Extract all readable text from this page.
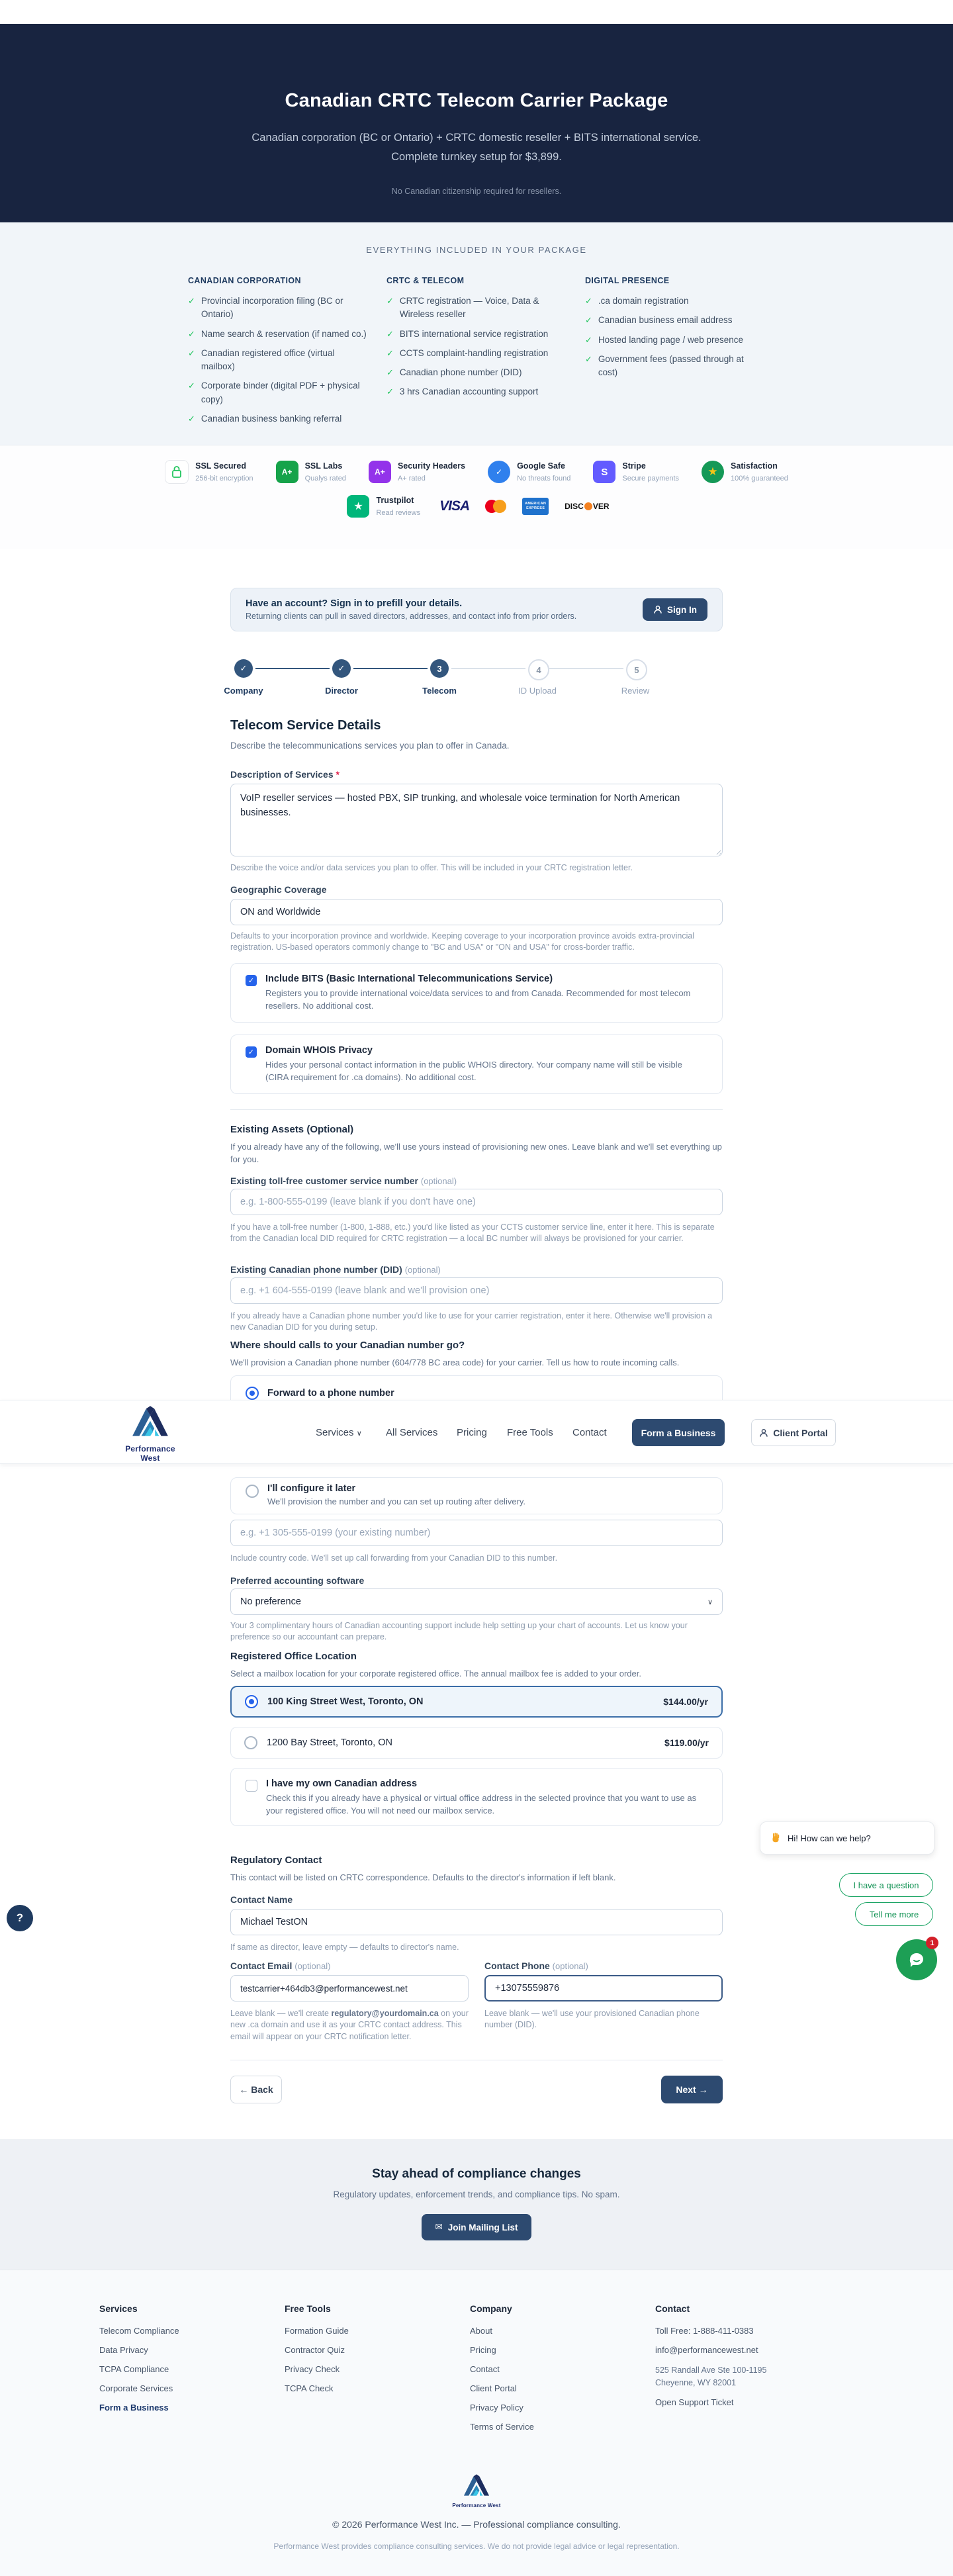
Canadian CRTC Telecom Carrier Package
Canadian corporation (BC or Ontario) + CRTC domestic reseller + BITS international service. Complete turnkey setup for $3,899.
No Canadian citizenship required for resellers.
EVERYTHING INCLUDED IN YOUR PACKAGE
CANADIAN CORPORATION
✓ Provincial incorporation filing (BC or Ontario)
✓ Name search & reservation (if named co.)
✓ Canadian registered office (virtual mailbox)
✓ Corporate binder (digital PDF + physical copy)
✓ Canadian business banking referral
CRTC & TELECOM
✓ CRTC registration — Voice, Data & Wireless reseller
✓ BITS international service registration
✓ CCTS complaint-handling registration
✓ Canadian phone number (DID)
✓ 3 hrs Canadian accounting support
DIGITAL PRESENCE
✓ .ca domain registration
✓ Canadian business email address
✓ Hosted landing page / web presence
✓ Government fees (passed through at cost)
SSL Secured
256-bit encryption
A+
SSL Labs
Qualys rated
A+
Security Headers
A+ rated
✓
Google Safe
No threats found
S
Stripe
Secure payments
★	Satisfaction
100% guaranteed
★
Trustpilot
Read reviews VISA	AMERICAN
EXPRESS DISC VER
Have an account? Sign in to prefill your details.
Returning clients can pull in saved directors, addresses, and contact info from prior orders.
Sign In
✓	✓	3	4	5
Company	Director	Telecom	ID Upload	Review
Telecom Service Details
Describe the telecommunications services you plan to offer in Canada.
Description of Services *
VoIP reseller services — hosted PBX, SIP trunking, and wholesale voice termination for North American businesses.
Describe the voice and/or data services you plan to offer. This will be included in your CRTC registration letter.
Geographic Coverage
ON and Worldwide
Defaults to your incorporation province and worldwide. Keeping coverage to your incorporation province avoids extra-provincial registration. US-based operators commonly change to "BC and USA" or "ON and USA" for cross-border traffic.
✓ Include BITS (Basic International Telecommunications Service)
Registers you to provide international voice/data services to and from Canada. Recommended for most telecom resellers. No additional cost.
✓ Domain WHOIS Privacy
Hides your personal contact information in the public WHOIS directory. Your company name will still be visible (CIRA requirement for .ca domains). No additional cost.
Existing Assets (Optional)
If you already have any of the following, we'll use yours instead of provisioning new ones. Leave blank and we'll set everything up for you.
Existing toll-free customer service number (optional)
e.g. 1-800-555-0199 (leave blank if you don't have one)
If you have a toll-free number (1-800, 1-888, etc.) you'd like listed as your CCTS customer service line, enter it here. This is separate from the Canadian local DID required for CRTC registration — a local BC number will always be provisioned for your carrier.
Existing Canadian phone number (DID) (optional)
e.g. +1 604-555-0199 (leave blank and we'll provision one)
If you already have a Canadian phone number you'd like to use for your carrier registration, enter it here. Otherwise we'll provision a new Canadian DID for you during setup.
Where should calls to your Canadian number go?
We'll provision a Canadian phone number (604/778 BC area code) for your carrier. Tell us how to route incoming calls.
Forward to a phone number
Performance West
Services ∨ All Services Pricing Free Tools Contact	Form a Business	Client Portal
I'll configure it later
We'll provision the number and you can set up routing after delivery.
e.g. +1 305-555-0199 (your existing number)
Include country code. We'll set up call forwarding from your Canadian DID to this number.
Preferred accounting software
No preference	∨
Your 3 complimentary hours of Canadian accounting support include help setting up your chart of accounts. Let us know your preference so our accountant can prepare.
Registered Office Location
Select a mailbox location for your corporate registered office. The annual mailbox fee is added to your order.
100 King Street West, Toronto, ON	$144.00/yr
1200 Bay Street, Toronto, ON	$119.00/yr
I have my own Canadian address
Check this if you already have a physical or virtual office address in the selected province that you want to use as your registered office. You will not need our mailbox service.
Regulatory Contact
This contact will be listed on CRTC correspondence. Defaults to the director's information if left blank.
Contact Name
Michael TestON
If same as director, leave empty — defaults to director's name.
Contact Email (optional)
testcarrier+464db3@performancewest.net
Leave blank — we'll create regulatory@yourdomain.ca on your new .ca domain and use it as your CRTC contact address. This email will appear on your CRTC notification letter.
Contact Phone (optional)
+13075559876
Leave blank — we'll use your provisioned Canadian phone number (DID).
← Back	Next →
Stay ahead of compliance changes
Regulatory updates, enforcement trends, and compliance tips. No spam.
✉ Join Mailing List
Services
Telecom Compliance
Data Privacy
TCPA Compliance
Corporate Services
Form a Business
Free Tools
Formation Guide
Contractor Quiz
Privacy Check
TCPA Check
Company
About
Pricing
Contact
Client Portal
Privacy Policy
Terms of Service
Contact
Toll Free: 1-888-411-0383
info@performancewest.net
525 Randall Ave Ste 100-1195
Cheyenne, WY 82001
Open Support Ticket
Performance West
© 2026 Performance West Inc. — Professional compliance consulting.
Performance West provides compliance consulting services. We do not provide legal advice or legal representation.
Hi! How can we help?
I have a question
Tell me more
1
?
